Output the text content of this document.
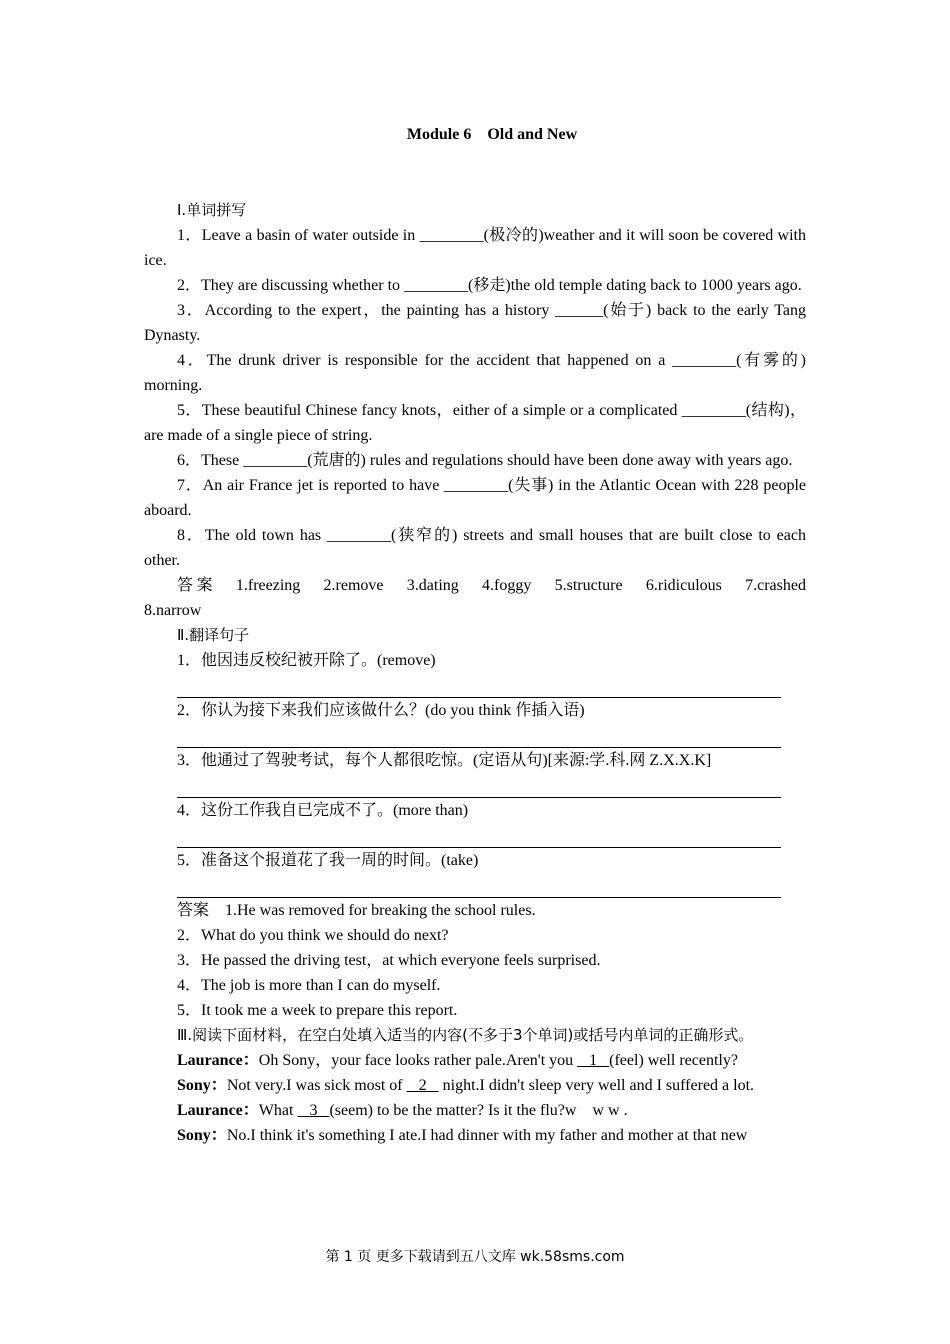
Module 6    Old and New
Ⅰ.单词拼写
1．Leave a basin of water outside in ________(极冷的)weather and it will soon be covered with ice.
2．They are discussing whether to ________(移走)the old temple dating back to 1000 years ago.
3．According to the expert，the painting has a history ______(始于) back to the early Tang Dynasty.
4．The drunk driver is responsible for the accident that happened on a ________(有雾的) morning.
5．These beautiful Chinese fancy knots，either of a simple or a complicated ________(结构)，are made of a single piece of string.
6．These ________(荒唐的) rules and regulations should have been done away with years ago.
7．An air France jet is reported to have ________(失事) in the Atlantic Ocean with 228 people aboard.
8．The old town has ________(狭窄的) streets and small houses that are built close to each other.
答案　1.freezing　2.remove　3.dating　4.foggy　5.structure　6.ridiculous　7.crashed　8.narrow
Ⅱ.翻译句子
1．他因违反校纪被开除了。(remove)
2．你认为接下来我们应该做什么？(do you think 作插入语)
3．他通过了驾驶考试，每个人都很吃惊。(定语从句)[来源:学.科.网 Z.X.X.K]
4．这份工作我自已完成不了。(more than)
5．准备这个报道花了我一周的时间。(take)
答案　1.He was removed for breaking the school rules.
2．What do you think we should do next?
3．He passed the driving test，at which everyone feels surprised.
4．The job is more than I can do myself.
5．It took me a week to prepare this report.
Ⅲ.阅读下面材料，在空白处填入适当的内容(不多于3个单词)或括号内单词的正确形式。
Laurance：Oh Sony，your face looks rather pale.Aren't you    1   (feel) well recently?
Sony：Not very.I was sick most of    2    night.I didn't sleep very well and I suffered a lot.
Laurance：What    3   (seem) to be the matter? Is it the flu?w　w w .
Sony：No.I think it's something I ate.I had dinner with my father and mother at that new
第 1 页 更多下载请到五八文库 wk.58sms.com
